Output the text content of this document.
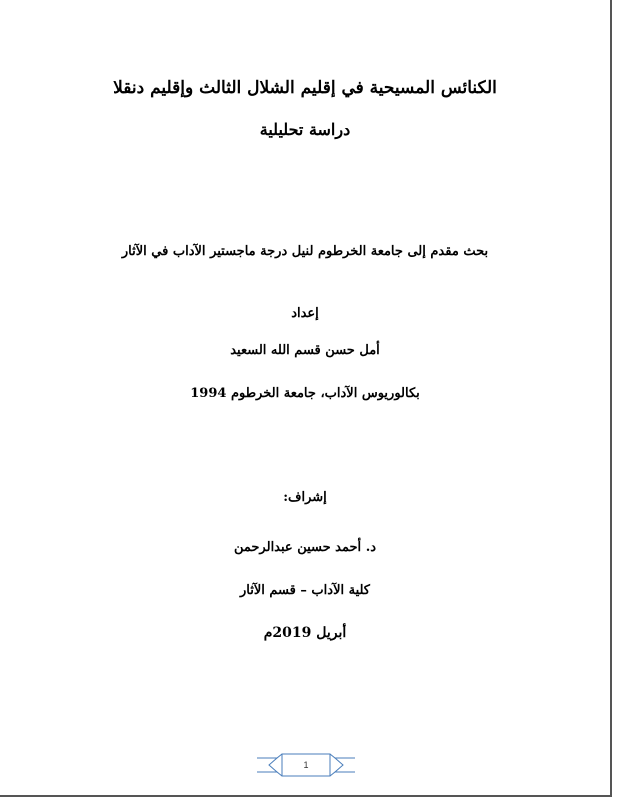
الكنائس المسيحية في إقليم الشلال الثالث وإقليم دنقلا
دراسة تحليلية
بحث مقدم إلى جامعة الخرطوم لنيل درجة ماجستير الآداب في الآثار
إعداد
أمل حسن قسم الله السعيد
بكالوريوس الآداب، جامعة الخرطوم 1994
إشراف:
د. أحمد حسين عبدالرحمن
كلية الآداب – قسم الآثار
أبريل 2019م
1
